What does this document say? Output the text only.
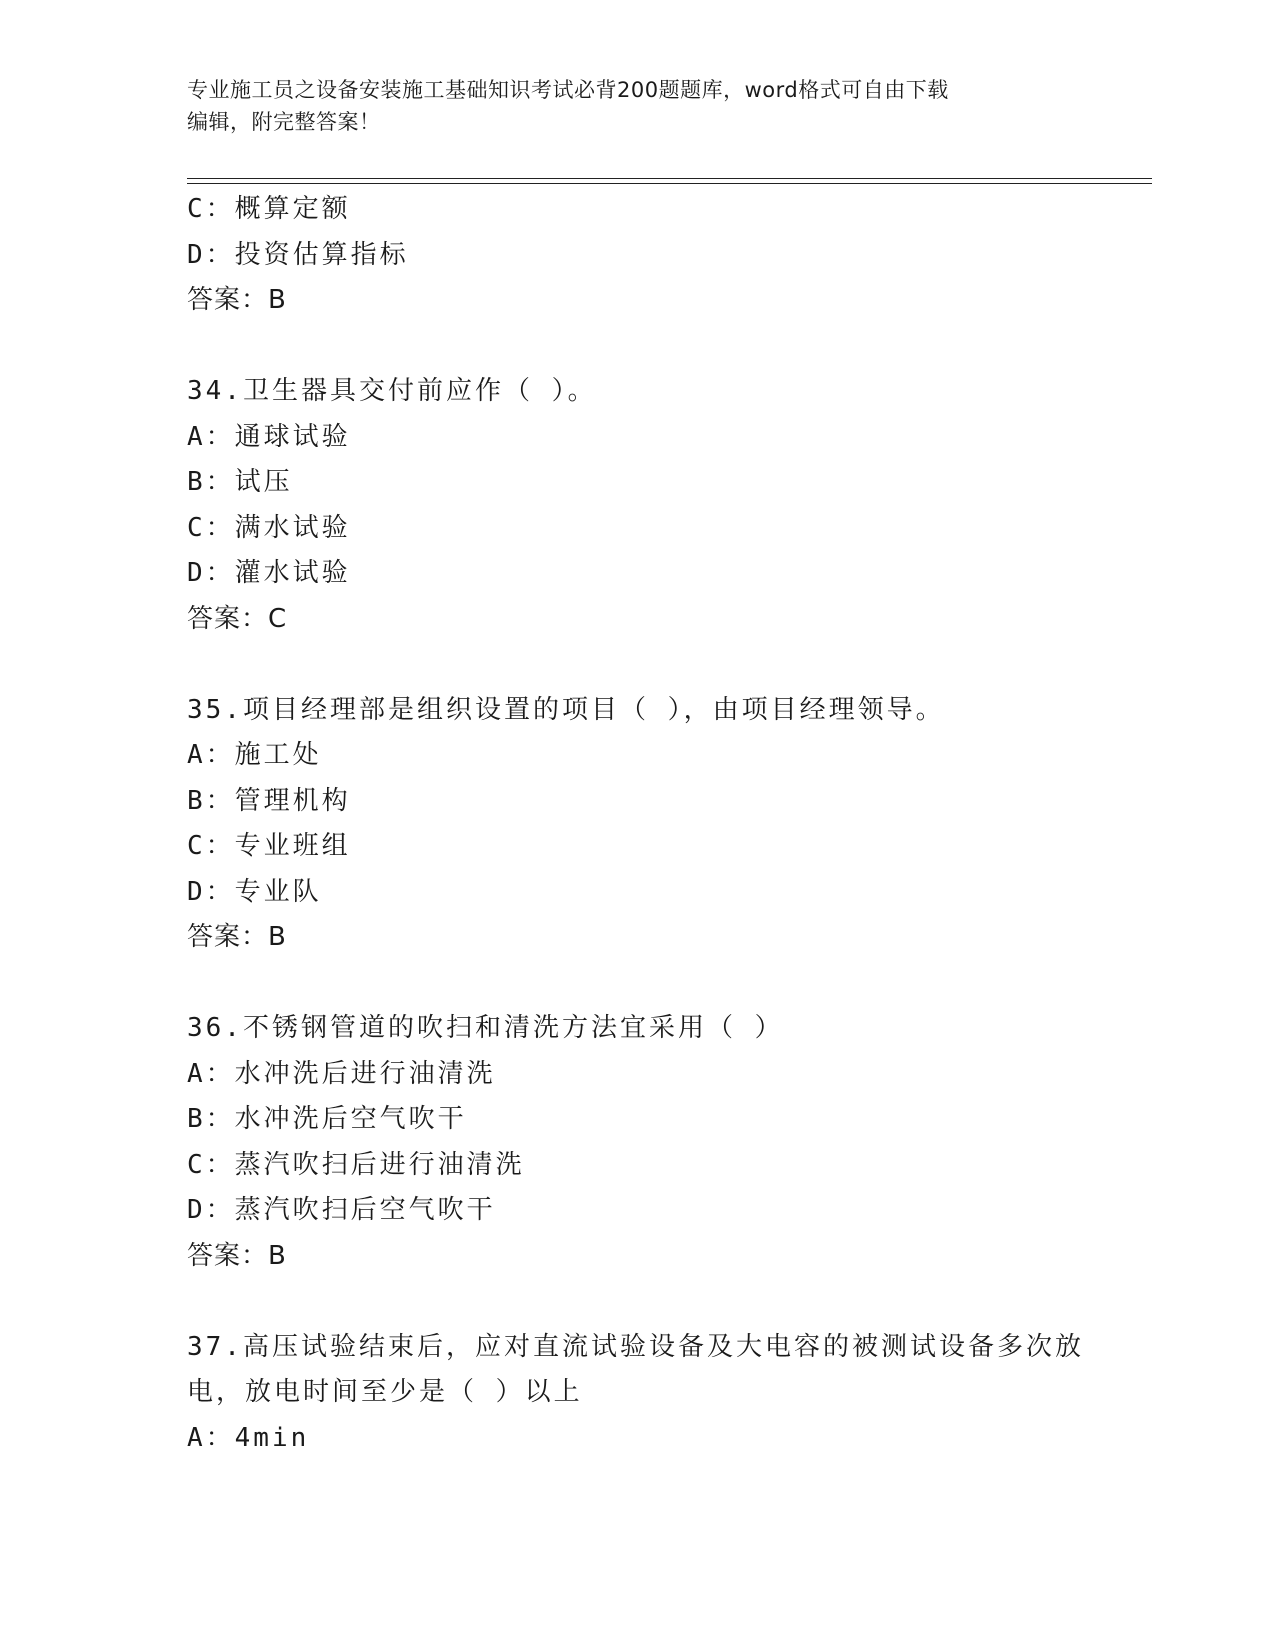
专业施工员之设备安装施工基础知识考试必背200题题库，word格式可自由下载
编辑，附完整答案！
C：概算定额
D：投资估算指标
答案：B
34.卫生器具交付前应作（ ）。
A：通球试验
B：试压
C：满水试验
D：灌水试验
答案：C
35.项目经理部是组织设置的项目（ ），由项目经理领导。
A：施工处
B：管理机构
C：专业班组
D：专业队
答案：B
36.不锈钢管道的吹扫和清洗方法宜采用（ ）
A：水冲洗后进行油清洗
B：水冲洗后空气吹干
C：蒸汽吹扫后进行油清洗
D：蒸汽吹扫后空气吹干
答案：B
37.高压试验结束后，应对直流试验设备及大电容的被测试设备多次放
电，放电时间至少是（ ）以上
A：4min
